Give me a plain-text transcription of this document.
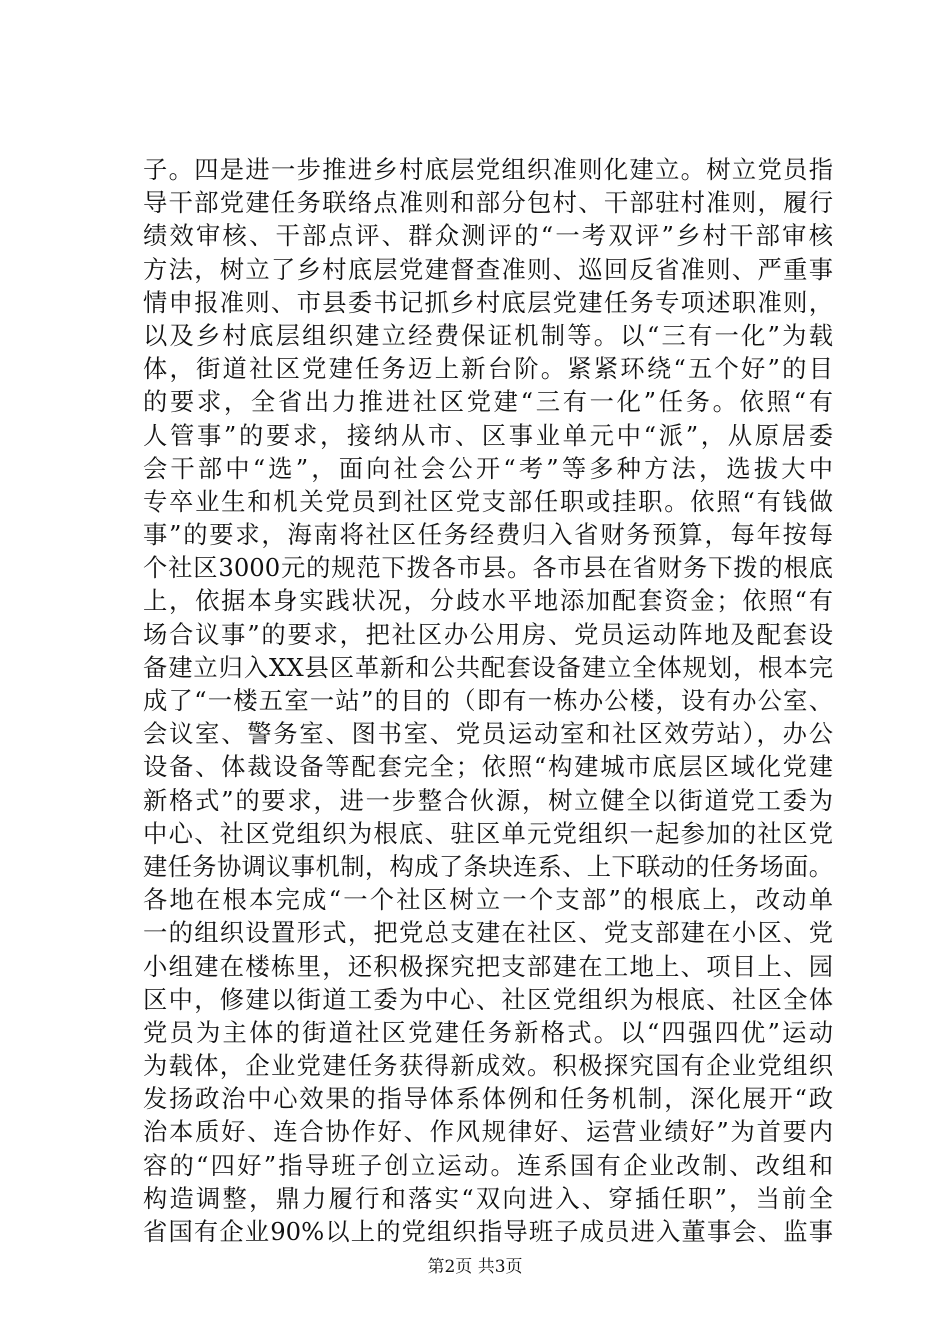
子。四是进一步推进乡村底层党组织准则化建立。树立党员指
导干部党建任务联络点准则和部分包村、干部驻村准则，履行
绩效审核、干部点评、群众测评的“一考双评”乡村干部审核
方法，树立了乡村底层党建督查准则、巡回反省准则、严重事
情申报准则、市县委书记抓乡村底层党建任务专项述职准则，
以及乡村底层组织建立经费保证机制等。以“三有一化”为载
体，街道社区党建任务迈上新台阶。紧紧环绕“五个好”的目
的要求，全省出力推进社区党建“三有一化”任务。依照“有
人管事”的要求，接纳从市、区事业单元中“派”，从原居委
会干部中“选”，面向社会公开“考”等多种方法，选拔大中
专卒业生和机关党员到社区党支部任职或挂职。依照“有钱做
事”的要求，海南将社区任务经费归入省财务预算，每年按每
个社区3000元的规范下拨各市县。各市县在省财务下拨的根底
上，依据本身实践状况，分歧水平地添加配套资金；依照“有
场合议事”的要求，把社区办公用房、党员运动阵地及配套设
备建立归入XX县区革新和公共配套设备建立全体规划，根本完
成了“一楼五室一站”的目的（即有一栋办公楼，设有办公室、
会议室、警务室、图书室、党员运动室和社区效劳站），办公
设备、体裁设备等配套完全；依照“构建城市底层区域化党建
新格式”的要求，进一步整合伙源，树立健全以街道党工委为
中心、社区党组织为根底、驻区单元党组织一起参加的社区党
建任务协调议事机制，构成了条块连系、上下联动的任务场面。
各地在根本完成“一个社区树立一个支部”的根底上，改动单
一的组织设置形式，把党总支建在社区、党支部建在小区、党
小组建在楼栋里，还积极探究把支部建在工地上、项目上、园
区中，修建以街道工委为中心、社区党组织为根底、社区全体
党员为主体的街道社区党建任务新格式。以“四强四优”运动
为载体，企业党建任务获得新成效。积极探究国有企业党组织
发扬政治中心效果的指导体系体例和任务机制，深化展开“政
治本质好、连合协作好、作风规律好、运营业绩好”为首要内
容的“四好”指导班子创立运动。连系国有企业改制、改组和
构造调整，鼎力履行和落实“双向进入、穿插任职”，当前全
省国有企业90%以上的党组织指导班子成员进入董事会、监事
第2页 共3页
